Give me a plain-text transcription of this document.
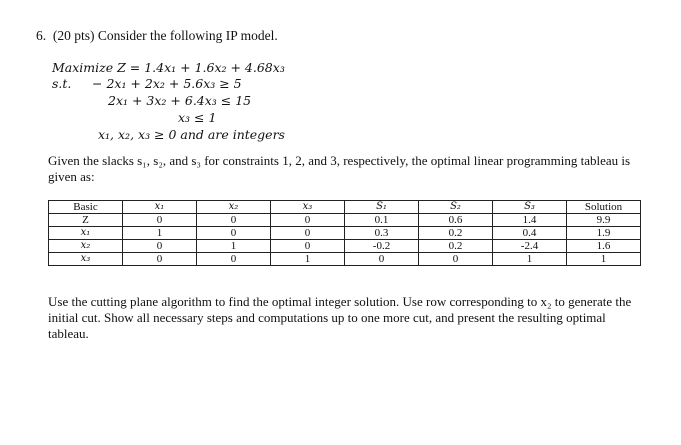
6.  (20 pts) Consider the following IP model.
Maximize Z = 1.4x₁ + 1.6x₂ + 4.68x₃
s.t. − 2x₁ + 2x₂ + 5.6x₃ ≥ 5
2x₁ + 3x₂ + 6.4x₃ ≤ 15
x₃ ≤ 1
x₁, x₂, x₃ ≥ 0 and are integers
Given the slacks s₁, s₂, and s₃ for constraints 1, 2, and 3, respectively, the optimal linear programming tableau is given as:
Basic	x₁	x₂	x₃	S₁	S₂	S₃	Solution
Z	0	0	0	0.1	0.6	1.4	9.9
x₁	1	0	0	0.3	0.2	0.4	1.9
x₂	0	1	0	-0.2	0.2	-2.4	1.6
x₃	0	0	1	0	0	1	1
Use the cutting plane algorithm to find the optimal integer solution. Use row corresponding to x₂ to generate the initial cut. Show all necessary steps and computations up to one more cut, and present the resulting optimal tableau.
